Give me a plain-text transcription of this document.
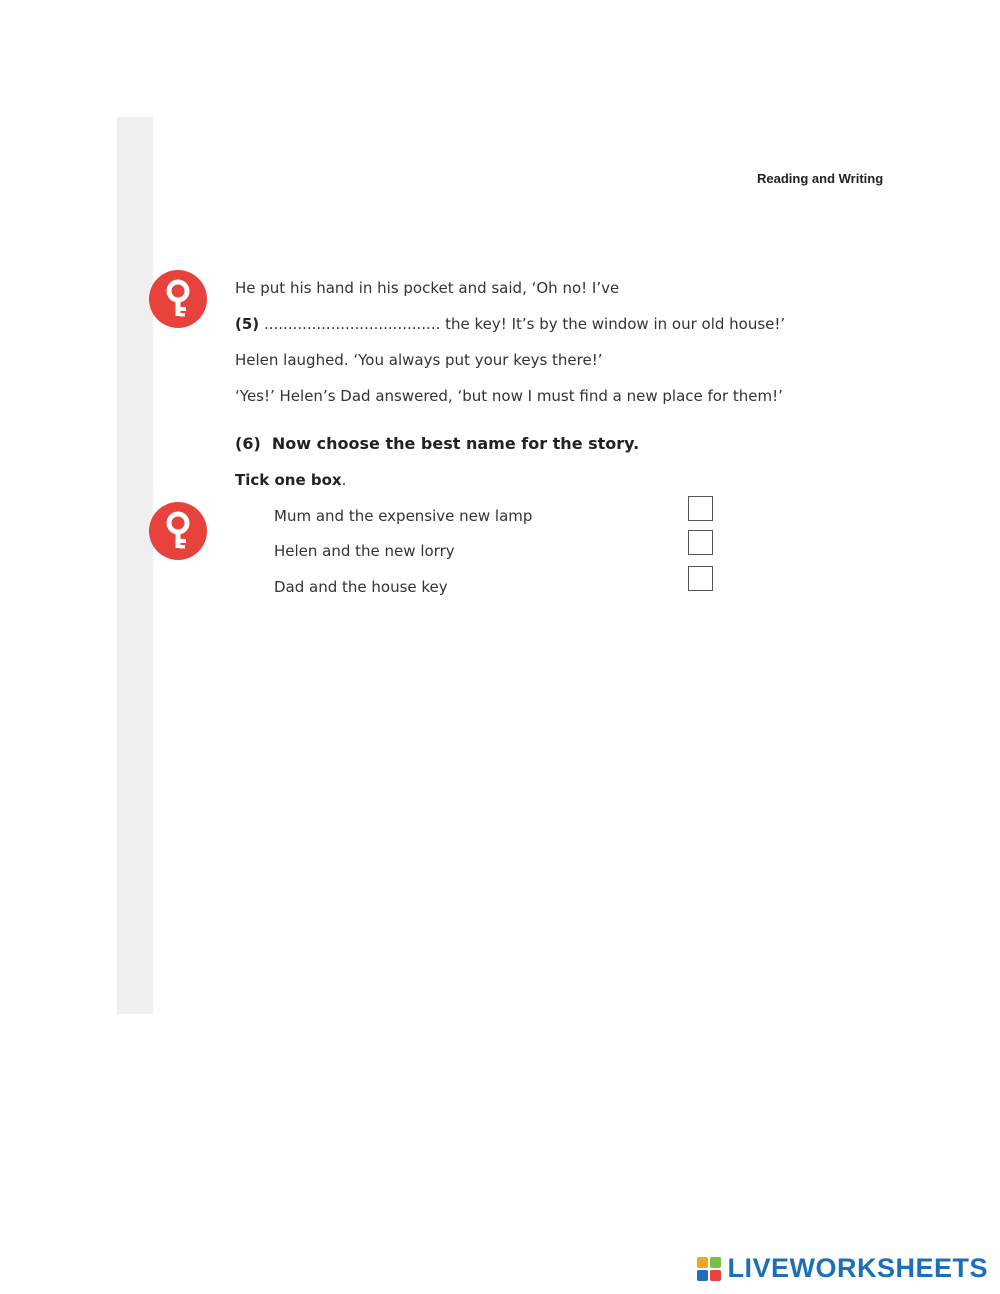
Reading and Writing
He put his hand in his pocket and said, ‘Oh no! I’ve
(5) ..................................... the key! It’s by the window in our old house!’
Helen laughed. ‘You always put your keys there!’
‘Yes!’ Helen’s Dad answered, ‘but now I must find a new place for them!’
(6) Now choose the best name for the story.
Tick one box.
Mum and the expensive new lamp
Helen and the new lorry
Dad and the house key
LIVEWORKSHEETS
